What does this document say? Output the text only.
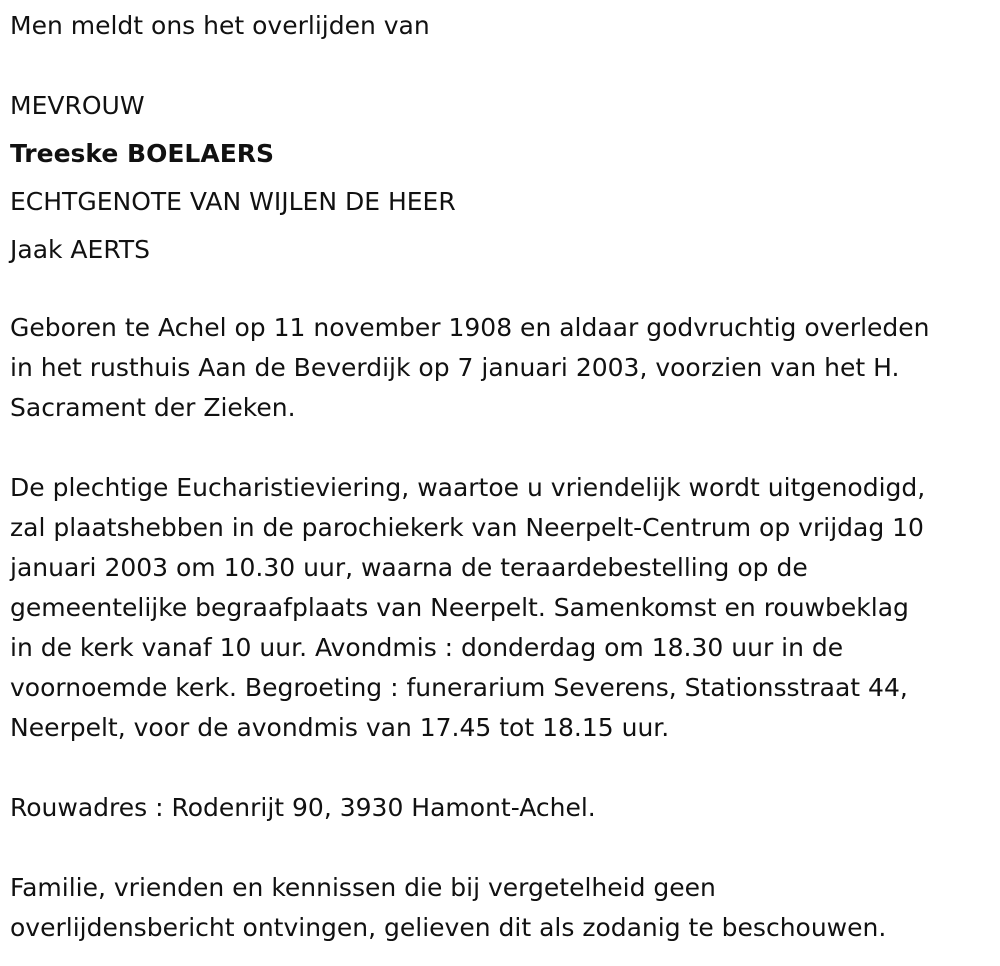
Men meldt ons het overlijden van

MEVROUW
Treeske BOELAERS
ECHTGENOTE VAN WIJLEN DE HEER
Jaak AERTS
Geboren te Achel op 11 november 1908 en aldaar godvruchtig overleden
in het rusthuis Aan de Beverdijk op 7 januari 2003, voorzien van het H.
Sacrament der Zieken.
De plechtige Eucharistieviering, waartoe u vriendelijk wordt uitgenodigd,
zal plaatshebben in de parochiekerk van Neerpelt-Centrum op vrijdag 10
januari 2003 om 10.30 uur, waarna de teraardebestelling op de
gemeentelijke begraafplaats van Neerpelt. Samenkomst en rouwbeklag
in de kerk vanaf 10 uur. Avondmis : donderdag om 18.30 uur in de
voornoemde kerk. Begroeting : funerarium Severens, Stationsstraat 44,
Neerpelt, voor de avondmis van 17.45 tot 18.15 uur.
Rouwadres : Rodenrijt 90, 3930 Hamont-Achel.
Familie, vrienden en kennissen die bij vergetelheid geen
overlijdensbericht ontvingen, gelieven dit als zodanig te beschouwen.
